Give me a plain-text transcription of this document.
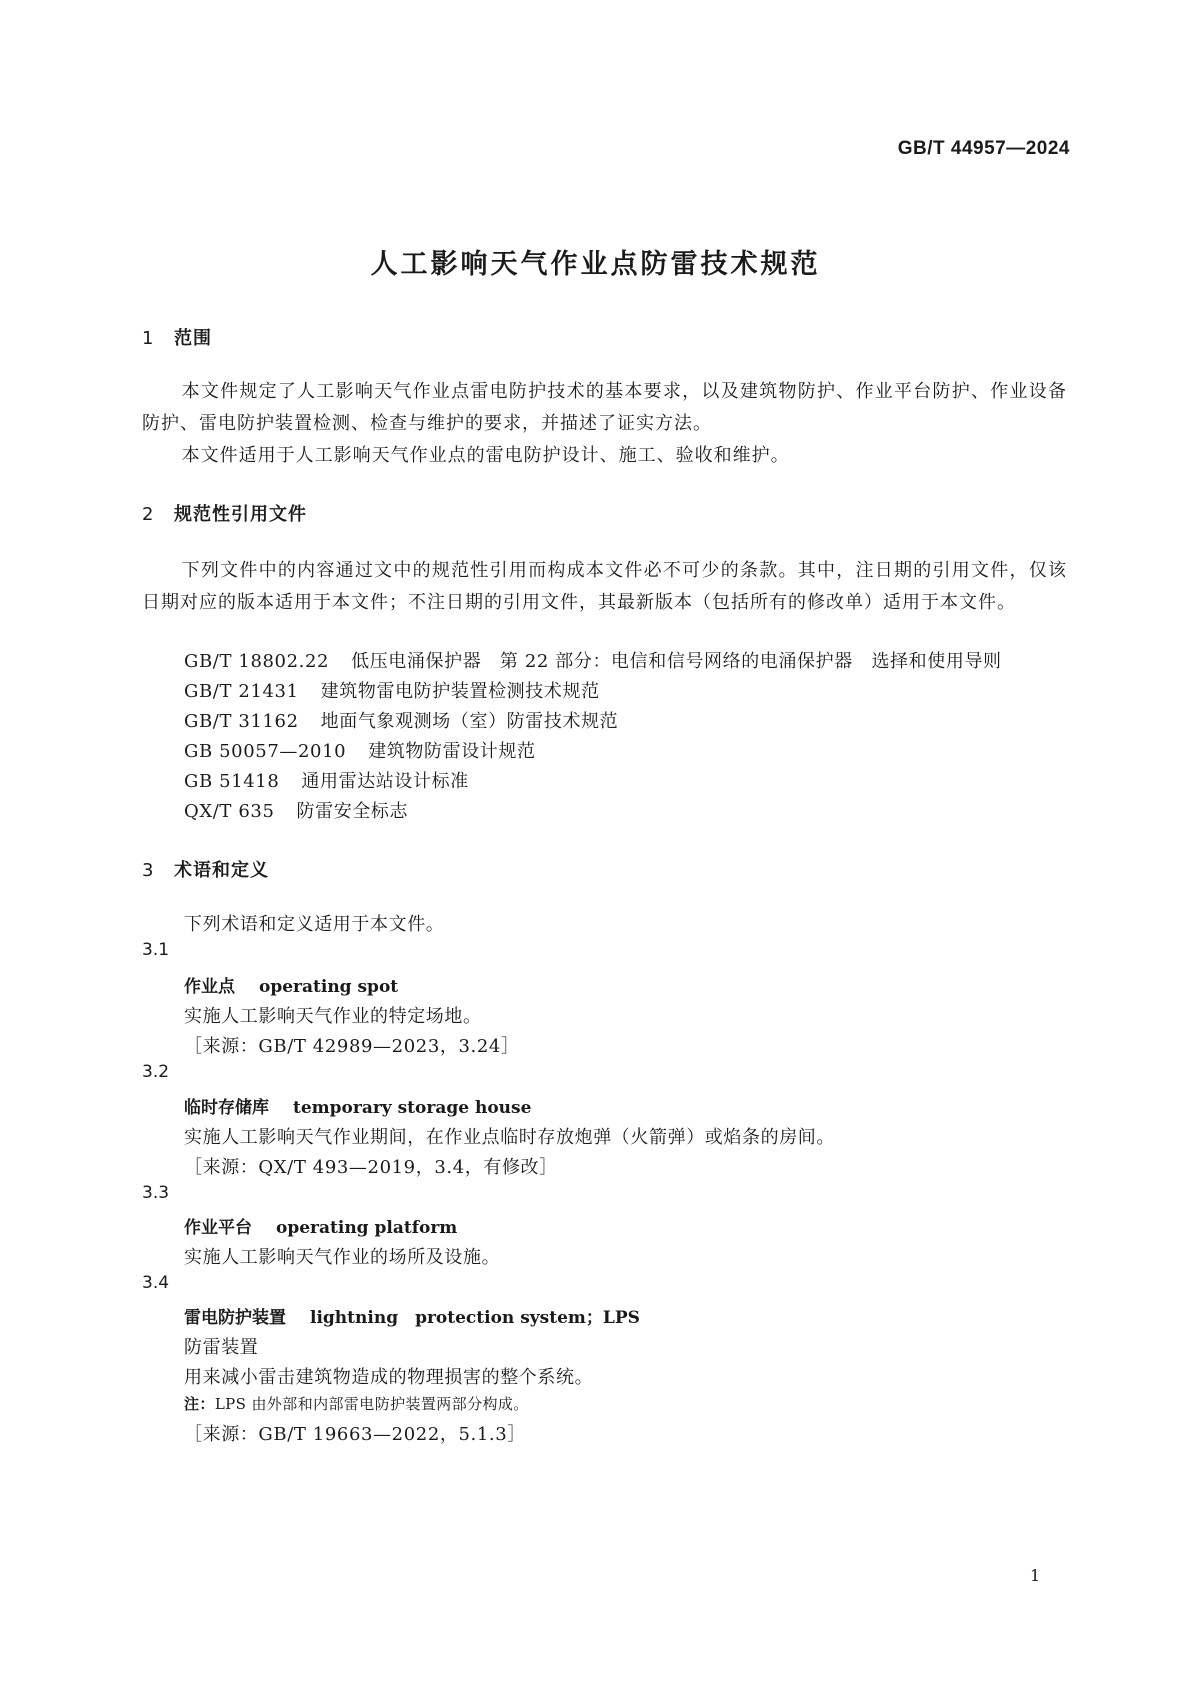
GB/T 44957—2024
人工影响天气作业点防雷技术规范
1 范围
本文件规定了人工影响天气作业点雷电防护技术的基本要求，以及建筑物防护、作业平台防护、作业设备防护、雷电防护装置检测、检查与维护的要求，并描述了证实方法。
本文件适用于人工影响天气作业点的雷电防护设计、施工、验收和维护。
2 规范性引用文件
下列文件中的内容通过文中的规范性引用而构成本文件必不可少的条款。其中，注日期的引用文件，仅该日期对应的版本适用于本文件；不注日期的引用文件，其最新版本（包括所有的修改单）适用于本文件。
GB/T 18802.22 低压电涌保护器　第 22 部分：电信和信号网络的电涌保护器　选择和使用导则
GB/T 21431 建筑物雷电防护装置检测技术规范
GB/T 31162 地面气象观测场（室）防雷技术规范
GB 50057—2010 建筑物防雷设计规范
GB 51418 通用雷达站设计标准
QX/T 635 防雷安全标志
3 术语和定义
下列术语和定义适用于本文件。
3.1
作业点 operating spot
实施人工影响天气作业的特定场地。
［来源：GB/T 42989—2023，3.24］
3.2
临时存储库 temporary storage house
实施人工影响天气作业期间，在作业点临时存放炮弹（火箭弹）或焰条的房间。
［来源：QX/T 493—2019，3.4，有修改］
3.3
作业平台 operating platform
实施人工影响天气作业的场所及设施。
3.4
雷电防护装置 lightning　protection system；LPS
防雷装置
用来减小雷击建筑物造成的物理损害的整个系统。
注：LPS 由外部和内部雷电防护装置两部分构成。
［来源：GB/T 19663—2022，5.1.3］
1
